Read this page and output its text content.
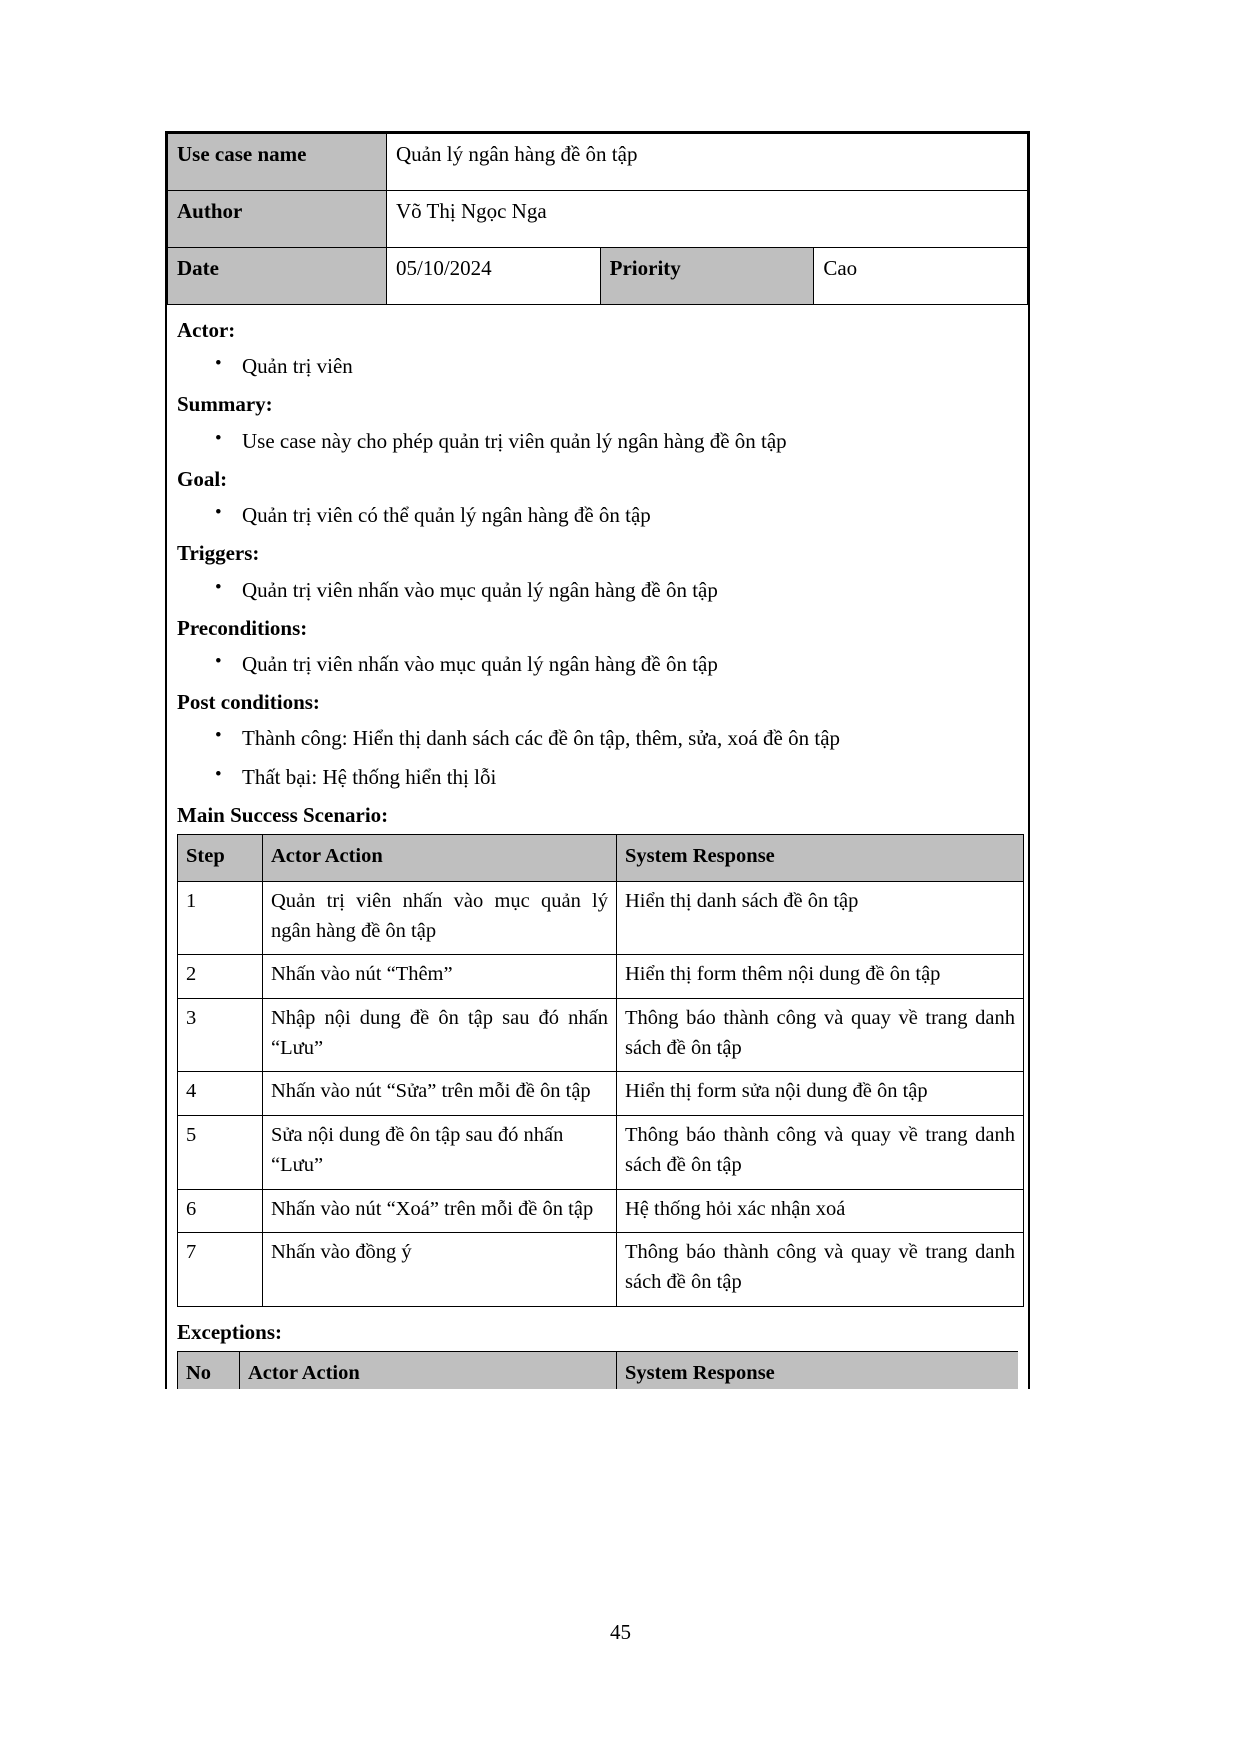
Use case name	Quản lý ngân hàng đề ôn tập		
Author	Võ Thị Ngọc Nga		
Date	05/10/2024	Priority	Cao
Actor:
• Quản trị viên
Summary:
• Use case này cho phép quản trị viên quản lý ngân hàng đề ôn tập
Goal:
• Quản trị viên có thể quản lý ngân hàng đề ôn tập
Triggers:
• Quản trị viên nhấn vào mục quản lý ngân hàng đề ôn tập
Preconditions:
• Quản trị viên nhấn vào mục quản lý ngân hàng đề ôn tập
Post conditions:
• Thành công: Hiển thị danh sách các đề ôn tập, thêm, sửa, xoá đề ôn tập
• Thất bại: Hệ thống hiển thị lỗi
Main Success Scenario:
Step	Actor Action	System Response
1	Quản trị viên nhấn vào mục quản lý ngân hàng đề ôn tập	Hiển thị danh sách đề ôn tập
2	Nhấn vào nút “Thêm”	Hiển thị form thêm nội dung đề ôn tập
3	Nhập nội dung đề ôn tập sau đó nhấn “Lưu”	Thông báo thành công và quay về trang danh sách đề ôn tập
4	Nhấn vào nút “Sửa” trên mỗi đề ôn tập	Hiển thị form sửa nội dung đề ôn tập
5	Sửa nội dung đề ôn tập sau đó nhấn “Lưu”	Thông báo thành công và quay về trang danh sách đề ôn tập
6	Nhấn vào nút “Xoá” trên mỗi đề ôn tập	Hệ thống hỏi xác nhận xoá
7	Nhấn vào đồng ý	Thông báo thành công và quay về trang danh sách đề ôn tập
Exceptions:
No	Actor Action	System Response
45
